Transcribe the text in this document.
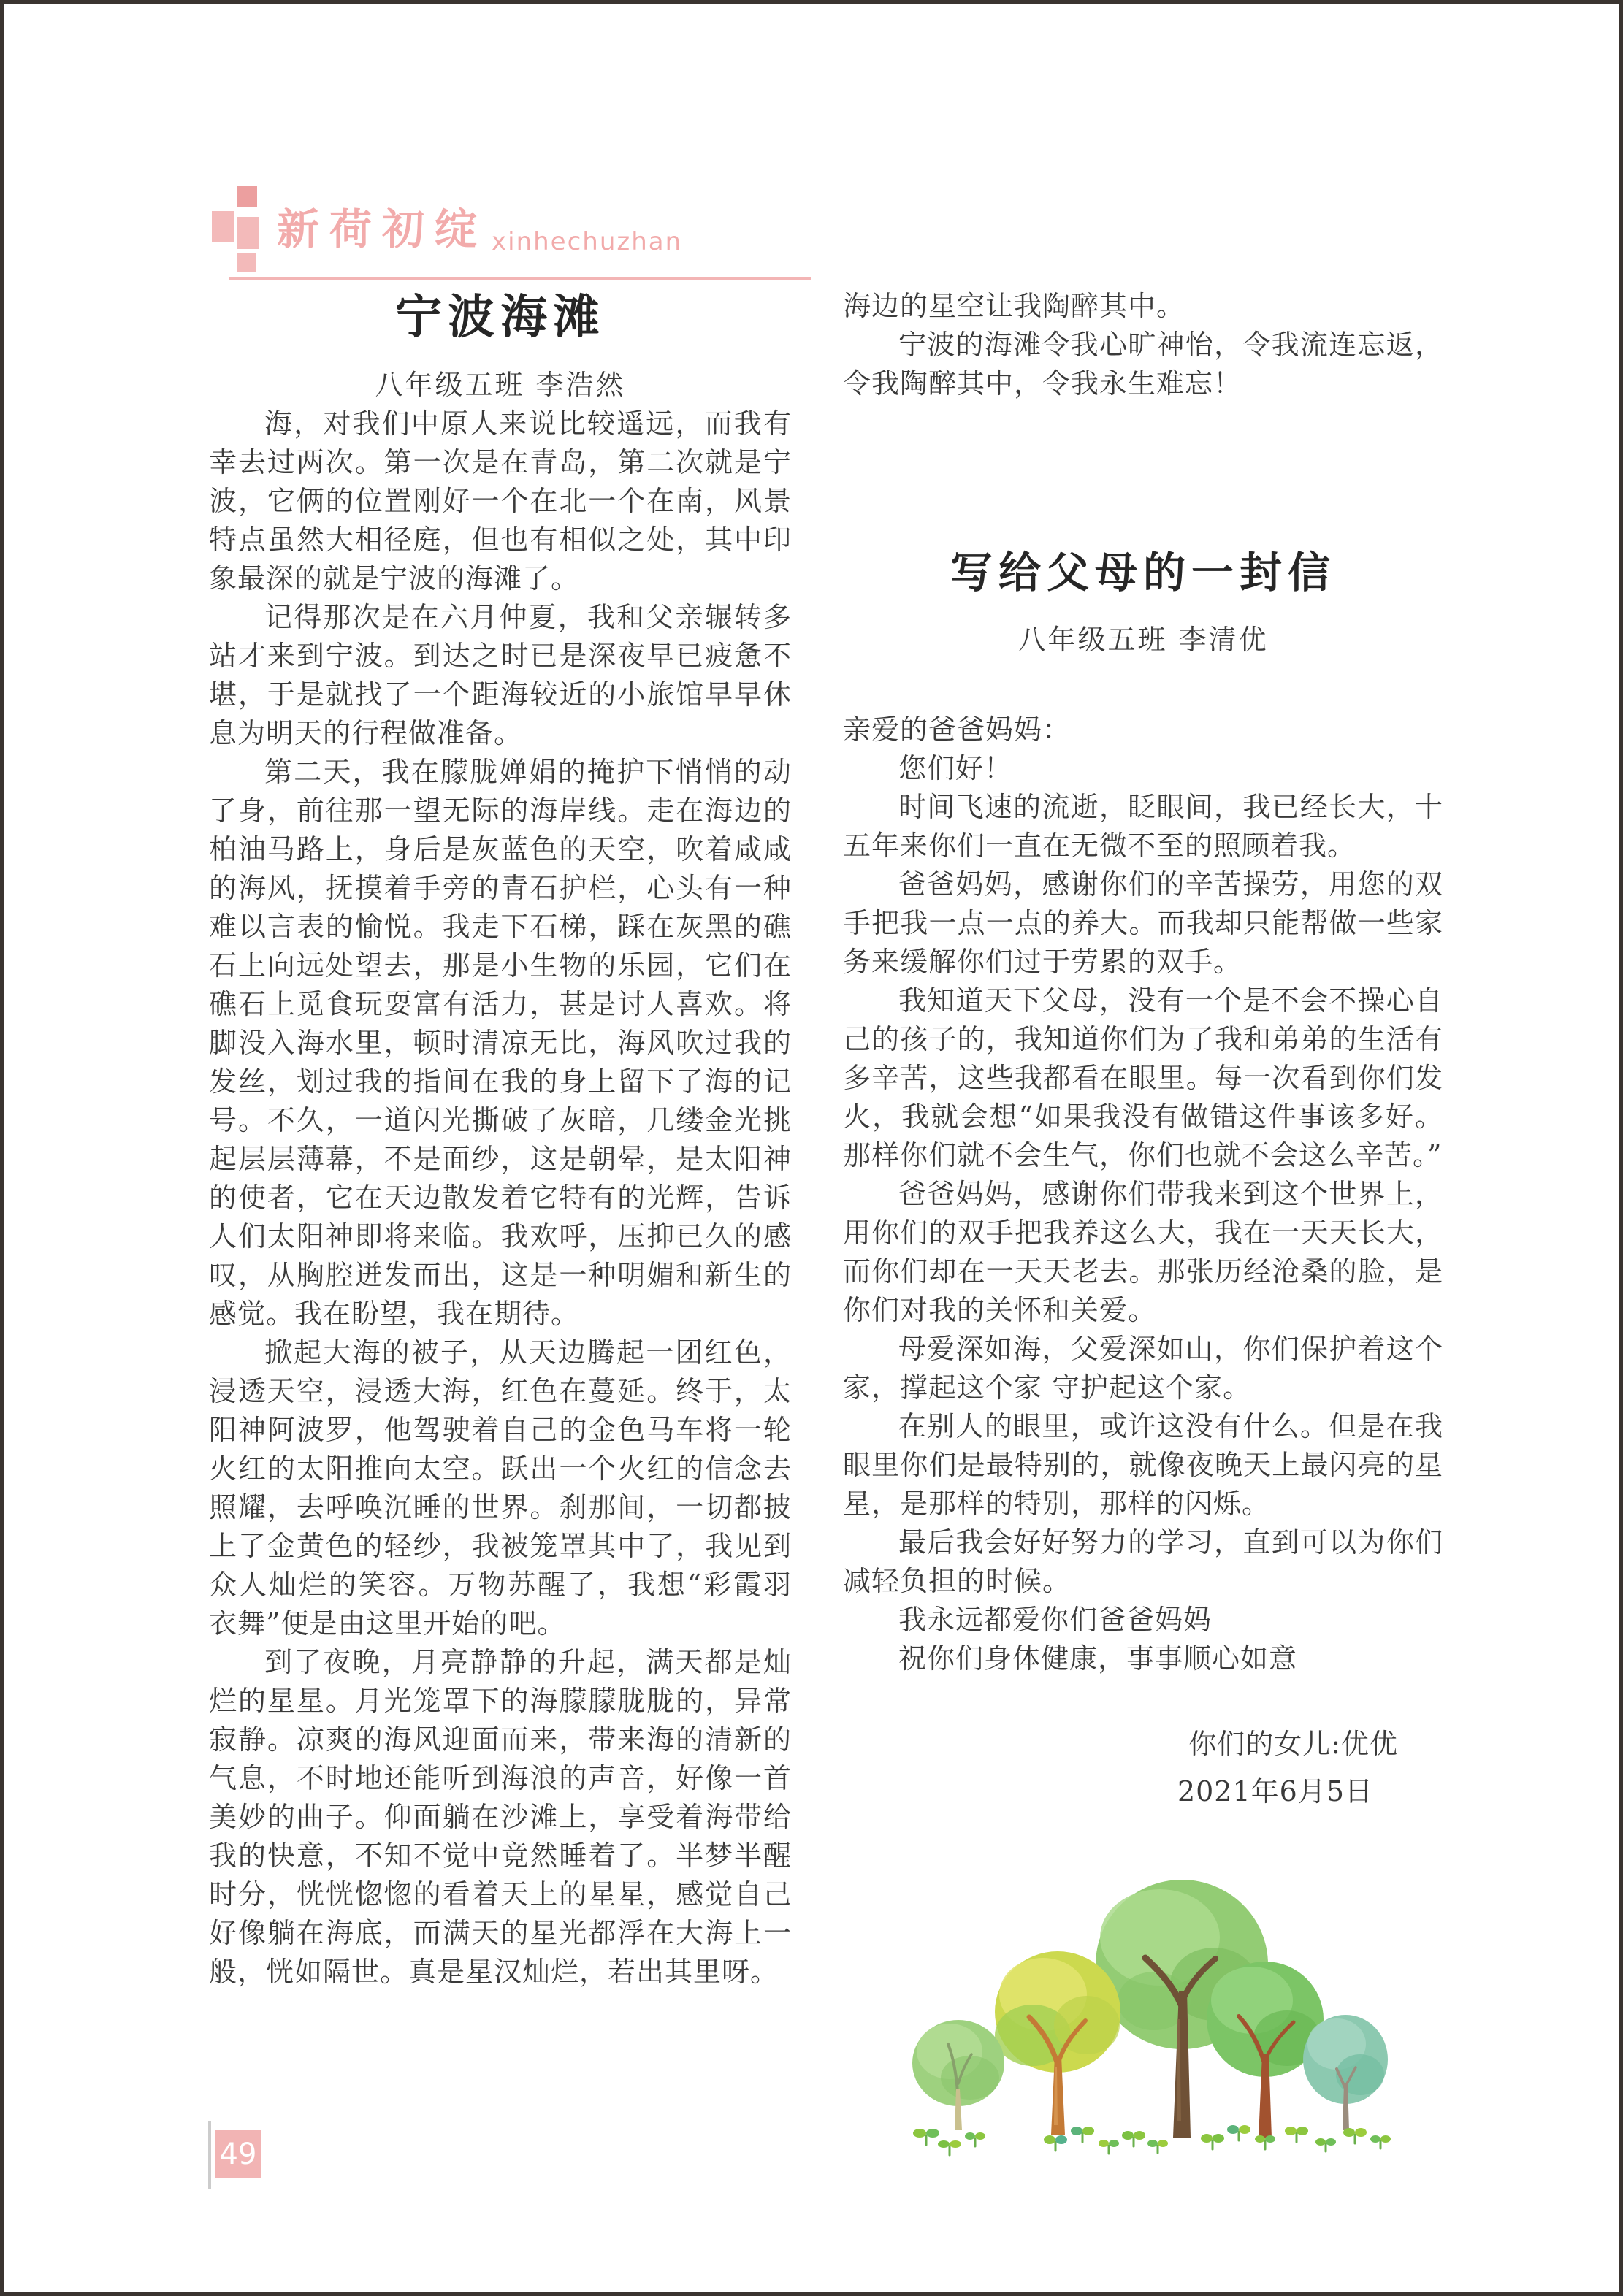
新荷初绽 xinhechuzhan
宁波海滩
八年级五班 李浩然

海，对我们中原人来说比较遥远，而我有幸去过两次。第一次是在青岛，第二次就是宁波，它俩的位置刚好一个在北一个在南，风景特点虽然大相径庭，但也有相似之处，其中印象最深的就是宁波的海滩了。

记得那次是在六月仲夏，我和父亲辗转多站才来到宁波。到达之时已是深夜早已疲惫不堪，于是就找了一个距海较近的小旅馆早早休息为明天的行程做准备。

第二天，我在朦胧婵娟的掩护下悄悄的动了身，前往那一望无际的海岸线。走在海边的柏油马路上，身后是灰蓝色的天空，吹着咸咸的海风，抚摸着手旁的青石护栏，心头有一种难以言表的愉悦。我走下石梯，踩在灰黑的礁石上向远处望去，那是小生物的乐园，它们在礁石上觅食玩耍富有活力，甚是讨人喜欢。将脚没入海水里，顿时清凉无比，海风吹过我的发丝，划过我的指间在我的身上留下了海的记号。不久，一道闪光撕破了灰暗，几缕金光挑起层层薄幕，不是面纱，这是朝晕，是太阳神的使者，它在天边散发着它特有的光辉，告诉人们太阳神即将来临。我欢呼，压抑已久的感叹，从胸腔迸发而出，这是一种明媚和新生的感觉。我在盼望，我在期待。

掀起大海的被子，从天边腾起一团红色，浸透天空，浸透大海，红色在蔓延。终于，太阳神阿波罗，他驾驶着自己的金色马车将一轮火红的太阳推向太空。跃出一个火红的信念去照耀，去呼唤沉睡的世界。刹那间，一切都披上了金黄色的轻纱，我被笼罩其中了，我见到众人灿烂的笑容。万物苏醒了，我想“彩霞羽衣舞”便是由这里开始的吧。

到了夜晚，月亮静静的升起，满天都是灿烂的星星。月光笼罩下的海朦朦胧胧的，异常寂静。凉爽的海风迎面而来，带来海的清新的气息，不时地还能听到海浪的声音，好像一首美妙的曲子。仰面躺在沙滩上，享受着海带给我的快意，不知不觉中竟然睡着了。半梦半醒时分，恍恍惚惚的看着天上的星星，感觉自己好像躺在海底，而满天的星光都浮在大海上一般，恍如隔世。真是星汉灿烂，若出其里呀。

海边的星空让我陶醉其中。

宁波的海滩令我心旷神怡，令我流连忘返，令我陶醉其中，令我永生难忘！

写给父母的一封信
八年级五班 李清优

亲爱的爸爸妈妈：

您们好！

时间飞速的流逝，眨眼间，我已经长大，十五年来你们一直在无微不至的照顾着我。

爸爸妈妈，感谢你们的辛苦操劳，用您的双手把我一点一点的养大。而我却只能帮做一些家务来缓解你们过于劳累的双手。

我知道天下父母，没有一个是不会不操心自己的孩子的，我知道你们为了我和弟弟的生活有多辛苦，这些我都看在眼里。每一次看到你们发火，我就会想“如果我没有做错这件事该多好。那样你们就不会生气，你们也就不会这么辛苦。”

爸爸妈妈，感谢你们带我来到这个世界上，用你们的双手把我养这么大，我在一天天长大，而你们却在一天天老去。那张历经沧桑的脸，是你们对我的关怀和关爱。

母爱深如海，父爱深如山，你们保护着这个家，撑起这个家 守护起这个家。

在别人的眼里，或许这没有什么。但是在我眼里你们是最特别的，就像夜晚天上最闪亮的星星，是那样的特别，那样的闪烁。

最后我会好好努力的学习，直到可以为你们减轻负担的时候。

我永远都爱你们爸爸妈妈

祝你们身体健康，事事顺心如意

你们的女儿:优优

2021年6月5日

49
